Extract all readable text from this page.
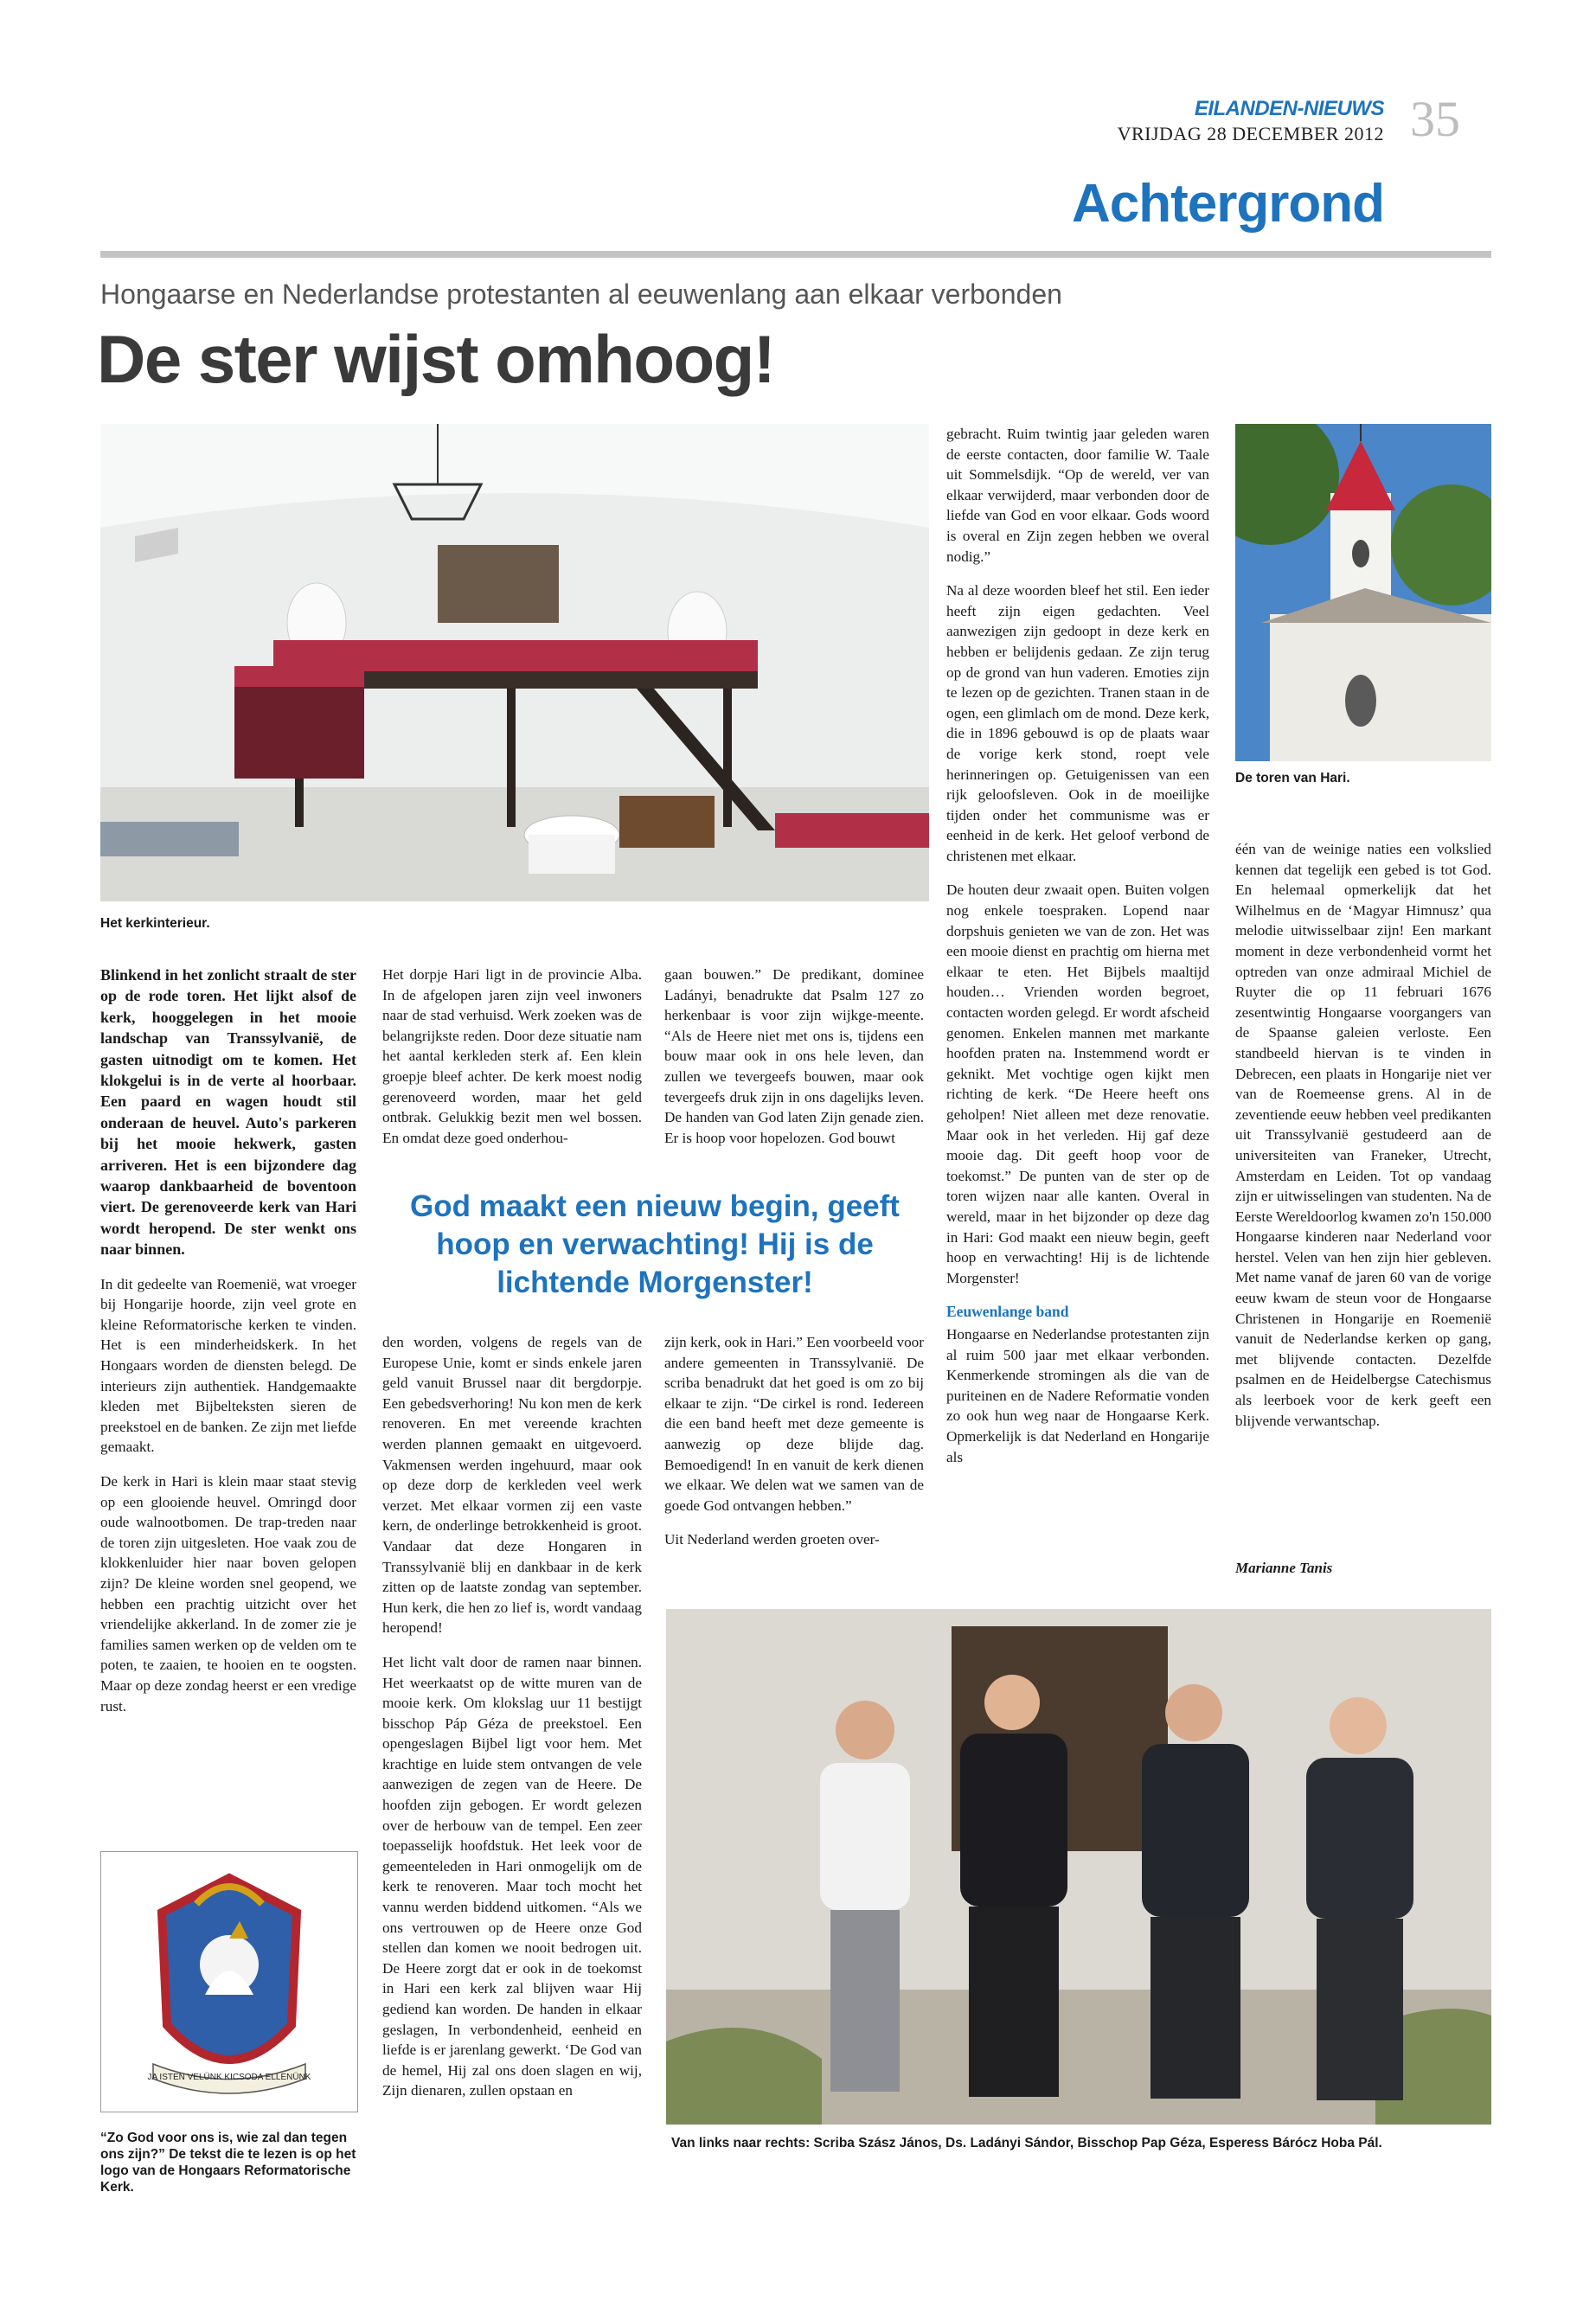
EILANDEN-NIEUWS
VRIJDAG 28 DECEMBER 2012 35
Achtergrond
Hongaarse en Nederlandse protestanten al eeuwenlang aan elkaar verbonden
De ster wijst omhoog!
Het kerkinterieur.
De toren van Hari.

Blinkend in het zonlicht straalt de ster op de rode toren. Het lijkt alsof de kerk, hooggelegen in het mooie landschap van Transsylvanië, de gasten uitnodigt om te komen. Het klokgelui is in de verte al hoorbaar. Een paard en wagen houdt stil onderaan de heuvel. Auto's parkeren bij het mooie hekwerk, gasten arriveren. Het is een bijzondere dag waarop dankbaarheid de boventoon viert. De gerenoveerde kerk van Hari wordt heropend. De ster wenkt ons naar binnen.

In dit gedeelte van Roemenië, wat vroeger bij Hongarije hoorde, zijn veel grote en kleine Reformatorische kerken te vinden. Het is een minderheidskerk. In het Hongaars worden de diensten belegd. De interieurs zijn authentiek. Handgemaakte kleden met Bijbelteksten sieren de preekstoel en de banken. Ze zijn met liefde gemaakt.

De kerk in Hari is klein maar staat stevig op een glooiende heuvel. Omringd door oude walnootbomen. De trap-treden naar de toren zijn uitgesleten. Hoe vaak zou de klokkenluider hier naar boven gelopen zijn? De kleine worden snel geopend, we hebben een prachtig uitzicht over het vriendelijke akkerland. In de zomer zie je families samen werken op de velden om te poten, te zaaien, te hooien en te oogsten. Maar op deze zondag heerst er een vredige rust.

JA ISTEN VELÜNK KICSODA ELLENÜNK
“Zo God voor ons is, wie zal dan tegen ons zijn?” De tekst die te lezen is op het logo van de Hongaars Reformatorische Kerk.

Het dorpje Hari ligt in de provincie Alba. In de afgelopen jaren zijn veel inwoners naar de stad verhuisd. Werk zoeken was de belangrijkste reden. Door deze situatie nam het aantal kerkleden sterk af. Een klein groepje bleef achter. De kerk moest nodig gerenoveerd worden, maar het geld ontbrak. Gelukkig bezit men wel bossen. En omdat deze goed onderhou-

gaan bouwen.” De predikant, dominee Ladányi, benadrukte dat Psalm 127 zo herkenbaar is voor zijn wijkge-meente. “Als de Heere niet met ons is, tijdens een bouw maar ook in ons hele leven, dan zullen we tevergeefs bouwen, maar ook tevergeefs druk zijn in ons dagelijks leven. De handen van God laten Zijn genade zien. Er is hoop voor hopelozen. God bouwt

God maakt een nieuw begin, geeft hoop en verwachting! Hij is de lichtende Morgenster!

den worden, volgens de regels van de Europese Unie, komt er sinds enkele jaren geld vanuit Brussel naar dit bergdorpje. Een gebedsverhoring! Nu kon men de kerk renoveren. En met vereende krachten werden plannen gemaakt en uitgevoerd. Vakmensen werden ingehuurd, maar ook op deze dorp de kerkleden veel werk verzet. Met elkaar vormen zij een vaste kern, de onderlinge betrokkenheid is groot. Vandaar dat deze Hongaren in Transsylvanië blij en dankbaar in de kerk zitten op de laatste zondag van september. Hun kerk, die hen zo lief is, wordt vandaag heropend!

Het licht valt door de ramen naar binnen. Het weerkaatst op de witte muren van de mooie kerk. Om klokslag uur 11 bestijgt bisschop Páp Géza de preekstoel. Een opengeslagen Bijbel ligt voor hem. Met krachtige en luide stem ontvangen de vele aanwezigen de zegen van de Heere. De hoofden zijn gebogen. Er wordt gelezen over de herbouw van de tempel. Een zeer toepasselijk hoofdstuk. Het leek voor de gemeenteleden in Hari onmogelijk om de kerk te renoveren. Maar toch mocht het vannu werden biddend uitkomen. “Als we ons vertrouwen op de Heere onze God stellen dan komen we nooit bedrogen uit. De Heere zorgt dat er ook in de toekomst in Hari een kerk zal blijven waar Hij gediend kan worden. De handen in elkaar geslagen, In verbondenheid, eenheid en liefde is er jarenlang gewerkt. ‘De God van de hemel, Hij zal ons doen slagen en wij, Zijn dienaren, zullen opstaan en

zijn kerk, ook in Hari.” Een voorbeeld voor andere gemeenten in Transsylvanië. De scriba benadrukt dat het goed is om zo bij elkaar te zijn. “De cirkel is rond. Iedereen die een band heeft met deze gemeente is aanwezig op deze blijde dag. Bemoedigend! In en vanuit de kerk dienen we elkaar. We delen wat we samen van de goede God ontvangen hebben.”

Uit Nederland werden groeten over-

gebracht. Ruim twintig jaar geleden waren de eerste contacten, door familie W. Taale uit Sommelsdijk. “Op de wereld, ver van elkaar verwijderd, maar verbonden door de liefde van God en voor elkaar. Gods woord is overal en Zijn zegen hebben we overal nodig.”

Na al deze woorden bleef het stil. Een ieder heeft zijn eigen gedachten. Veel aanwezigen zijn gedoopt in deze kerk en hebben er belijdenis gedaan. Ze zijn terug op de grond van hun vaderen. Emoties zijn te lezen op de gezichten. Tranen staan in de ogen, een glimlach om de mond. Deze kerk, die in 1896 gebouwd is op de plaats waar de vorige kerk stond, roept vele herinneringen op. Getuigenissen van een rijk geloofsleven. Ook in de moeilijke tijden onder het communisme was er eenheid in de kerk. Het geloof verbond de christenen met elkaar.

De houten deur zwaait open. Buiten volgen nog enkele toespraken. Lopend naar dorpshuis genieten we van de zon. Het was een mooie dienst en prachtig om hierna met elkaar te eten. Het Bijbels maaltijd houden… Vrienden worden begroet, contacten worden gelegd. Er wordt afscheid genomen. Enkelen mannen met markante hoofden praten na. Instemmend wordt er geknikt. Met vochtige ogen kijkt men richting de kerk. “De Heere heeft ons geholpen! Niet alleen met deze renovatie. Maar ook in het verleden. Hij gaf deze mooie dag. Dit geeft hoop voor de toekomst.” De punten van de ster op de toren wijzen naar alle kanten. Overal in wereld, maar in het bijzonder op deze dag in Hari: God maakt een nieuw begin, geeft hoop en verwachting! Hij is de lichtende Morgenster!

Eeuwenlange band

Hongaarse en Nederlandse protestanten zijn al ruim 500 jaar met elkaar verbonden. Kenmerkende stromingen als die van de puriteinen en de Nadere Reformatie vonden zo ook hun weg naar de Hongaarse Kerk. Opmerkelijk is dat Nederland en Hongarije als

één van de weinige naties een volkslied kennen dat tegelijk een gebed is tot God. En helemaal opmerkelijk dat het Wilhelmus en de ‘Magyar Himnusz’ qua melodie uitwisselbaar zijn! Een markant moment in deze verbondenheid vormt het optreden van onze admiraal Michiel de Ruyter die op 11 februari 1676 zesentwintig Hongaarse voorgangers van de Spaanse galeien verloste. Een standbeeld hiervan is te vinden in Debrecen, een plaats in Hongarije niet ver van de Roemeense grens. Al in de zeventiende eeuw hebben veel predikanten uit Transsylvanië gestudeerd aan de universiteiten van Franeker, Utrecht, Amsterdam en Leiden. Tot op vandaag zijn er uitwisselingen van studenten. Na de Eerste Wereldoorlog kwamen zo'n 150.000 Hongaarse kinderen naar Nederland voor herstel. Velen van hen zijn hier gebleven. Met name vanaf de jaren 60 van de vorige eeuw kwam de steun voor de Hongaarse Christenen in Hongarije en Roemenië vanuit de Nederlandse kerken op gang, met blijvende contacten. Dezelfde psalmen en de Heidelbergse Catechismus als leerboek voor de kerk geeft een blijvende verwantschap.

Marianne Tanis
Van links naar rechts: Scriba Szász János, Ds. Ladányi Sándor, Bisschop Pap Géza, Esperess Bárócz Hoba Pál.
